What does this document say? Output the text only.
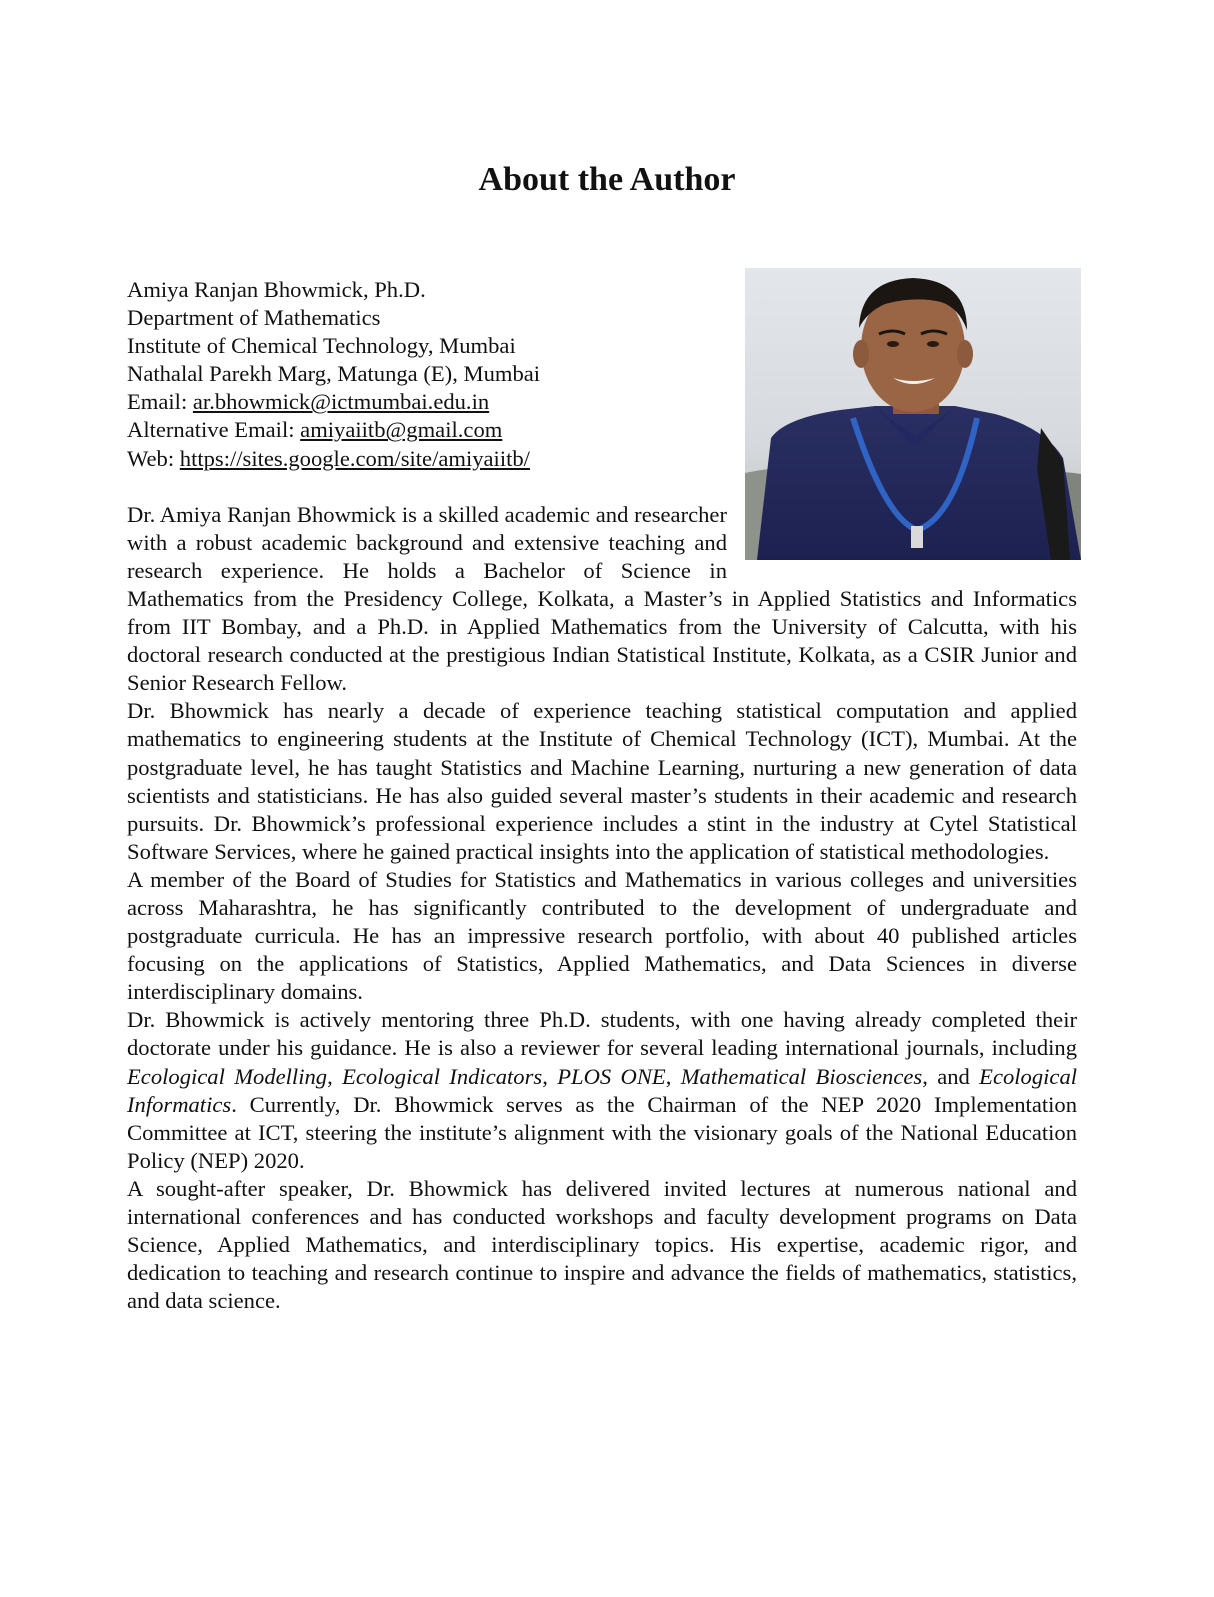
About the Author
Amiya Ranjan Bhowmick, Ph.D.
Department of Mathematics
Institute of Chemical Technology, Mumbai
Nathalal Parekh Marg, Matunga (E), Mumbai
Email: ar.bhowmick@ictmumbai.edu.in
Alternative Email: amiyaiitb@gmail.com
Web: https://sites.google.com/site/amiyaiitb/

Dr. Amiya Ranjan Bhowmick is a skilled academic and researcher with a robust academic background and extensive teaching and research experience. He holds a Bachelor of Science in Mathematics from the Presidency College, Kolkata, a Master’s in Applied Statistics and Informatics from IIT Bombay, and a Ph.D. in Applied Mathematics from the University of Calcutta, with his doctoral research conducted at the prestigious Indian Statistical Institute, Kolkata, as a CSIR Junior and Senior Research Fellow.

Dr. Bhowmick has nearly a decade of experience teaching statistical computation and applied mathematics to engineering students at the Institute of Chemical Technology (ICT), Mumbai. At the postgraduate level, he has taught Statistics and Machine Learning, nurturing a new generation of data scientists and statisticians. He has also guided several master’s students in their academic and research pursuits. Dr. Bhowmick’s professional experience includes a stint in the industry at Cytel Statistical Software Services, where he gained practical insights into the application of statistical methodologies.

A member of the Board of Studies for Statistics and Mathematics in various colleges and universities across Maharashtra, he has significantly contributed to the development of undergraduate and postgraduate curricula. He has an impressive research portfolio, with about 40 published articles focusing on the applications of Statistics, Applied Mathematics, and Data Sciences in diverse interdisciplinary domains.

Dr. Bhowmick is actively mentoring three Ph.D. students, with one having already completed their doctorate under his guidance. He is also a reviewer for several leading international journals, including Ecological Modelling, Ecological Indicators, PLOS ONE, Mathematical Biosciences, and Ecological Informatics. Currently, Dr. Bhowmick serves as the Chairman of the NEP 2020 Implementation Committee at ICT, steering the institute’s alignment with the visionary goals of the National Education Policy (NEP) 2020.

A sought-after speaker, Dr. Bhowmick has delivered invited lectures at numerous national and international conferences and has conducted workshops and faculty development programs on Data Science, Applied Mathematics, and interdisciplinary topics. His expertise, academic rigor, and dedication to teaching and research continue to inspire and advance the fields of mathematics, statistics, and data science.
